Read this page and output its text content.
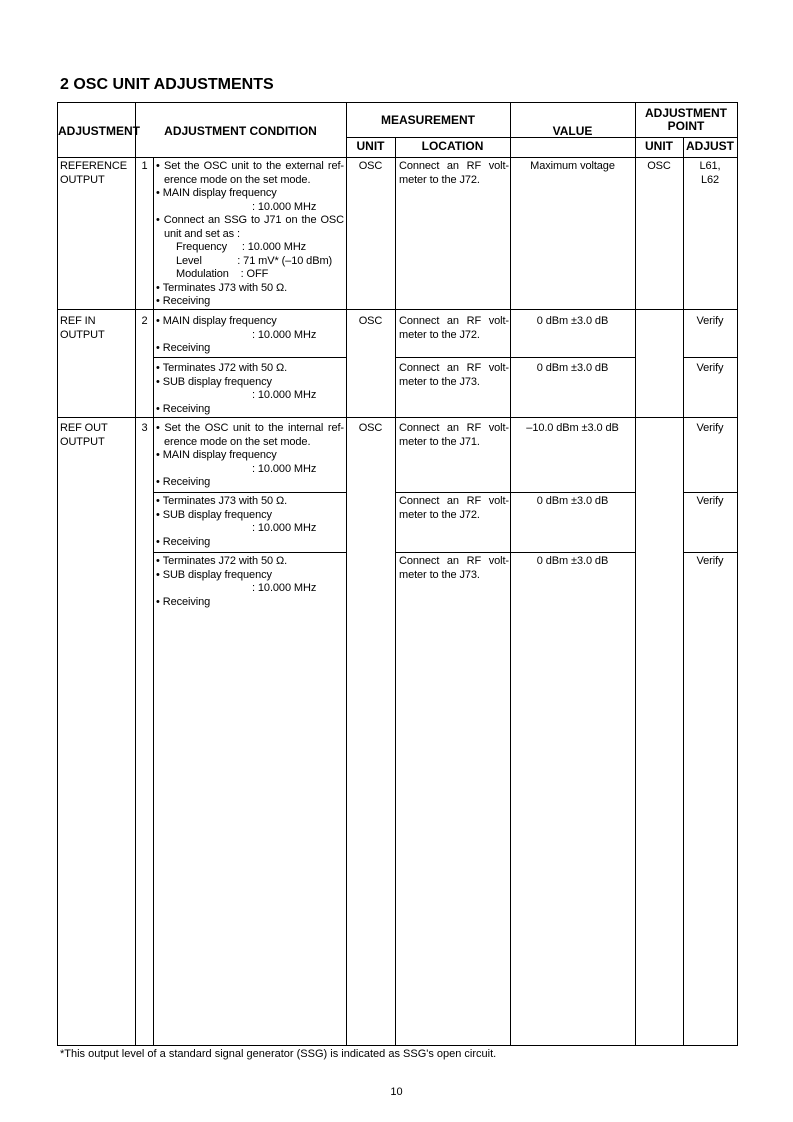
2 OSC UNIT ADJUSTMENTS
ADJUSTMENT	ADJUSTMENT CONDITION
MEASUREMENT
UNIT	LOCATION
VALUE
ADJUSTMENT POINT
UNIT	ADJUST
REFERENCE
OUTPUT
1
•	Set the OSC unit to the external ref-erence mode on the set mode.
• MAIN display frequency
: 10.000 MHz
• Connect an SSG to J71 on the OSC unit and set as :
Frequency     : 10.000 MHz
Level            : 71 mV* (–10 dBm)
Modulation    : OFF
• Terminates J73 with 50 Ω.
• Receiving
OSC	Connect an RF volt-meter to the J72.
Maximum voltage	OSC	L61,
L62
REF IN
OUTPUT
2	OSC
• MAIN display frequency
: 10.000 MHz
• Receiving
Connect an RF volt-meter to the J72.
0 dBm ±3.0 dB	Verify
• Terminates J72 with 50 Ω.
• SUB display frequency
: 10.000 MHz
• Receiving
Connect an RF volt-meter to the J73.
0 dBm ±3.0 dB	Verify
REF OUT
OUTPUT
3	OSC
• Set the OSC unit to the internal ref-erence mode on the set mode.
• MAIN display frequency
: 10.000 MHz
• Receiving
Connect an RF volt-meter to the J71.
–10.0 dBm ±3.0 dB	Verify
• Terminates J73 with 50 Ω.
• SUB display frequency
: 10.000 MHz
• Receiving
Connect an RF volt-meter to the J72.
0 dBm ±3.0 dB	Verify
• Terminates J72 with 50 Ω.
• SUB display frequency
: 10.000 MHz
• Receiving
Connect an RF volt-meter to the J73.
0 dBm ±3.0 dB	Verify
*This output level of a standard signal generator (SSG) is indicated as SSG's open circuit.
10
